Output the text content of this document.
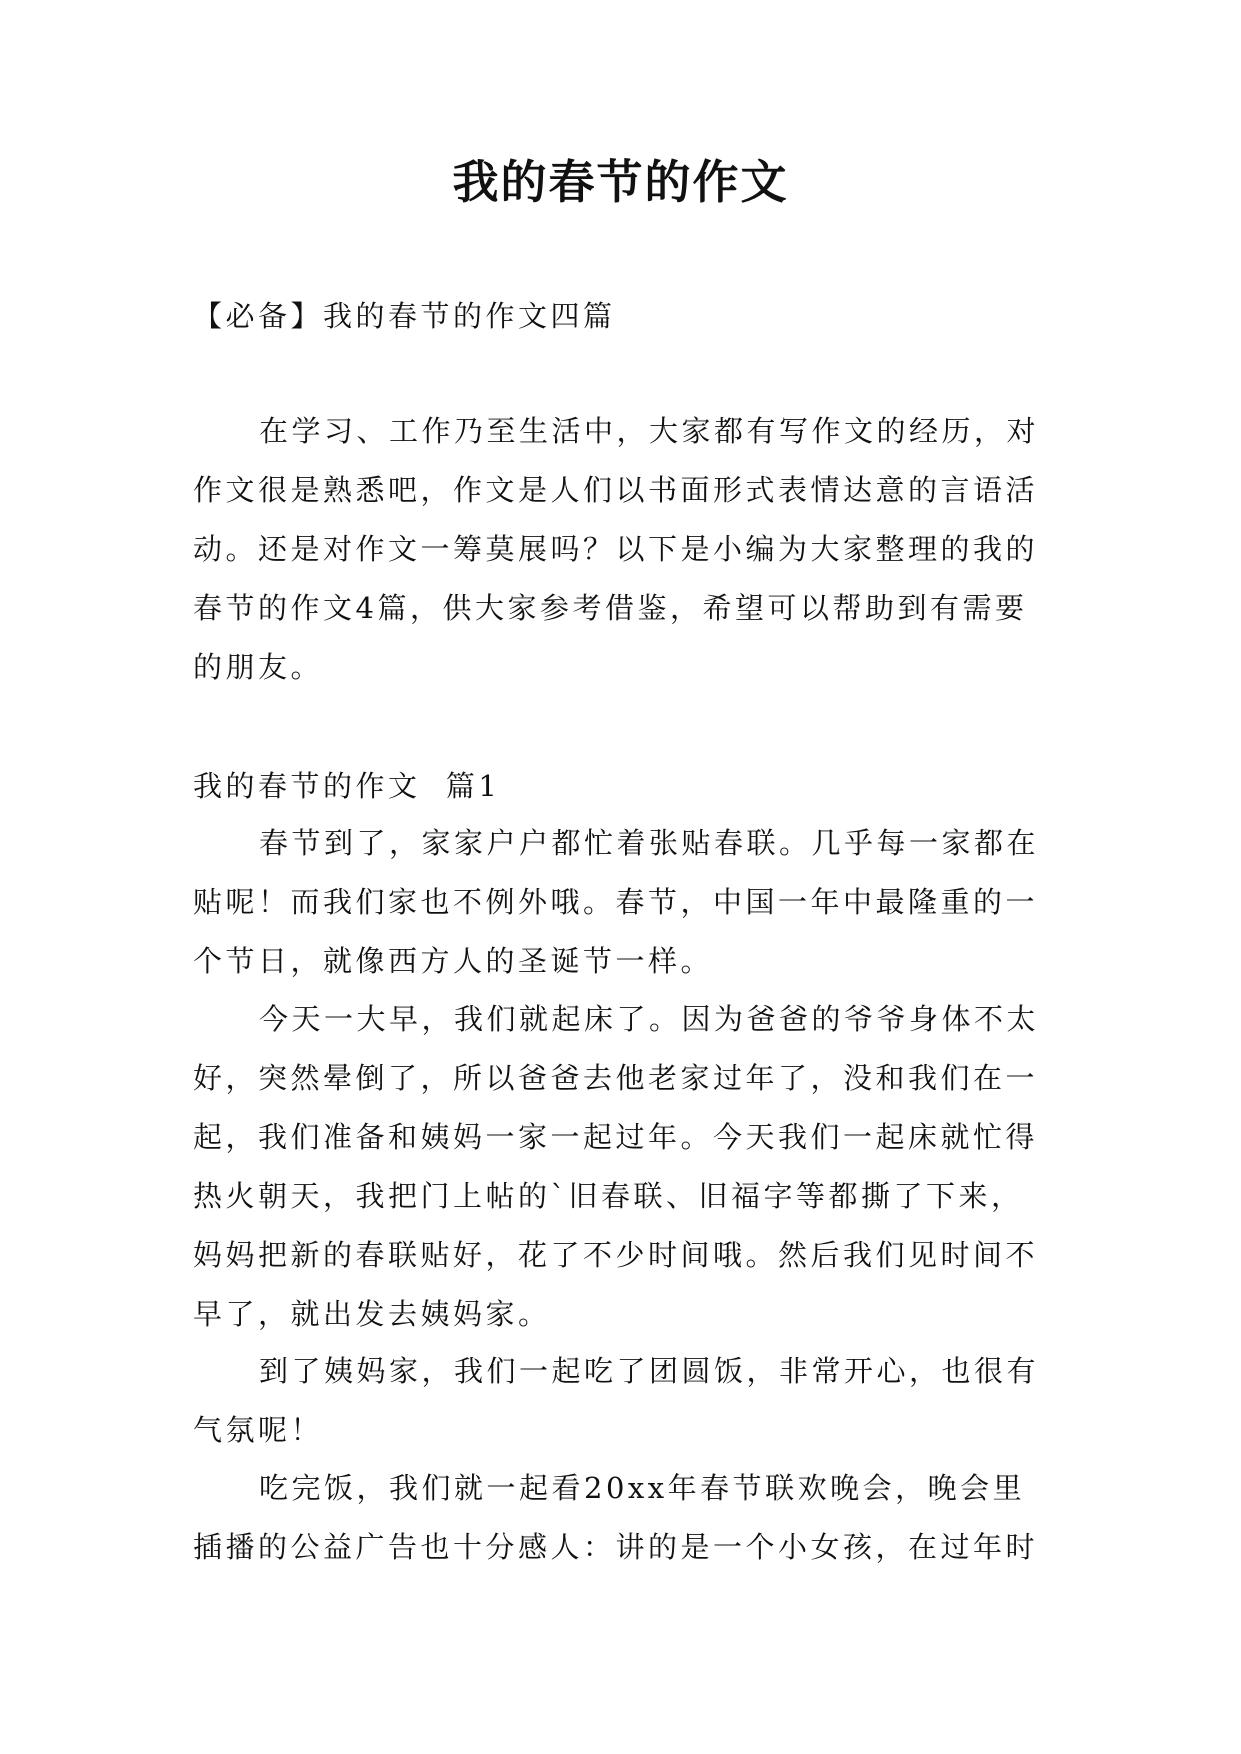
我的春节的作文
【必备】我的春节的作文四篇
在学习、工作乃至生活中，大家都有写作文的经历，对作文很是熟悉吧，作文是人们以书面形式表情达意的言语活动。还是对作文一筹莫展吗？以下是小编为大家整理的我的春节的作文4篇，供大家参考借鉴，希望可以帮助到有需要的朋友。
我的春节的作文  篇1
春节到了，家家户户都忙着张贴春联。几乎每一家都在贴呢！而我们家也不例外哦。春节，中国一年中最隆重的一个节日，就像西方人的圣诞节一样。
今天一大早，我们就起床了。因为爸爸的爷爷身体不太好，突然晕倒了，所以爸爸去他老家过年了，没和我们在一起，我们准备和姨妈一家一起过年。今天我们一起床就忙得热火朝天，我把门上帖的`旧春联、旧福字等都撕了下来，妈妈把新的春联贴好，花了不少时间哦。然后我们见时间不早了，就出发去姨妈家。
到了姨妈家，我们一起吃了团圆饭，非常开心，也很有气氛呢！
吃完饭，我们就一起看20xx年春节联欢晚会，晚会里插播的公益广告也十分感人：讲的是一个小女孩，在过年时
